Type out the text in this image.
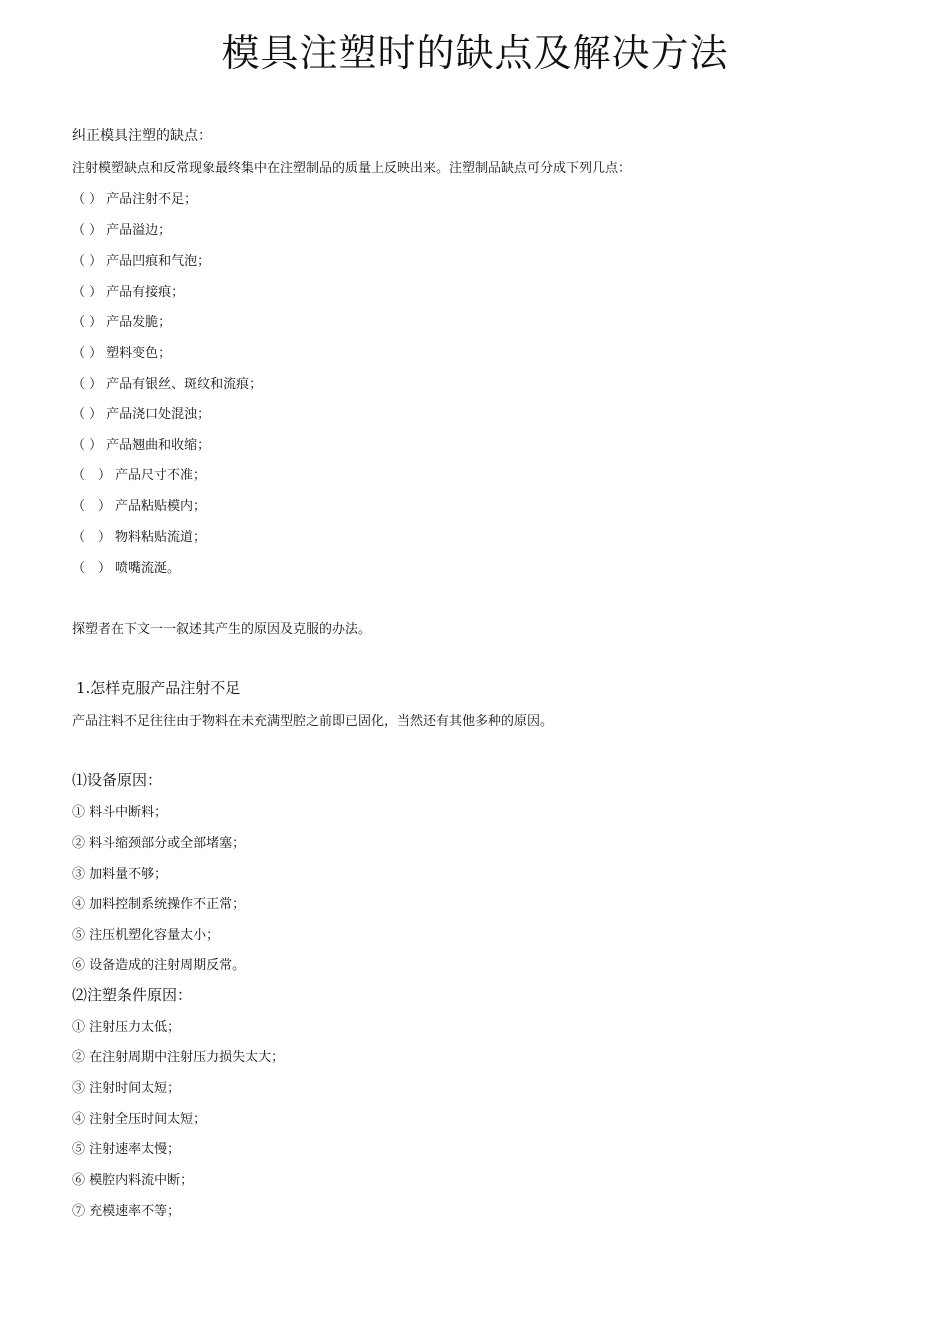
模具注塑时的缺点及解决方法
纠正模具注塑的缺点：
注射模塑缺点和反常现象最终集中在注塑制品的质量上反映出来。注塑制品缺点可分成下列几点：
（ ） 产品注射不足；
（ ） 产品溢边；
（ ） 产品凹痕和气泡；
（ ） 产品有接痕；
（ ） 产品发脆；
（ ） 塑料变色；
（ ） 产品有银丝、斑纹和流痕；
（ ） 产品浇口处混浊；
（ ） 产品翘曲和收缩；
（　） 产品尺寸不准；
（　） 产品粘贴模内；
（　） 物料粘贴流道；
（　） 喷嘴流涎。
探塑者在下文一一叙述其产生的原因及克服的办法。
1.怎样克服产品注射不足
产品注料不足往往由于物料在未充满型腔之前即已固化，当然还有其他多种的原因。
⑴设备原因：
① 料斗中断料；
② 料斗缩颈部分或全部堵塞；
③ 加料量不够；
④ 加料控制系统操作不正常；
⑤ 注压机塑化容量太小；
⑥ 设备造成的注射周期反常。
⑵注塑条件原因：
① 注射压力太低；
② 在注射周期中注射压力损失太大；
③ 注射时间太短；
④ 注射全压时间太短；
⑤ 注射速率太慢；
⑥ 模腔内料流中断；
⑦ 充模速率不等；
